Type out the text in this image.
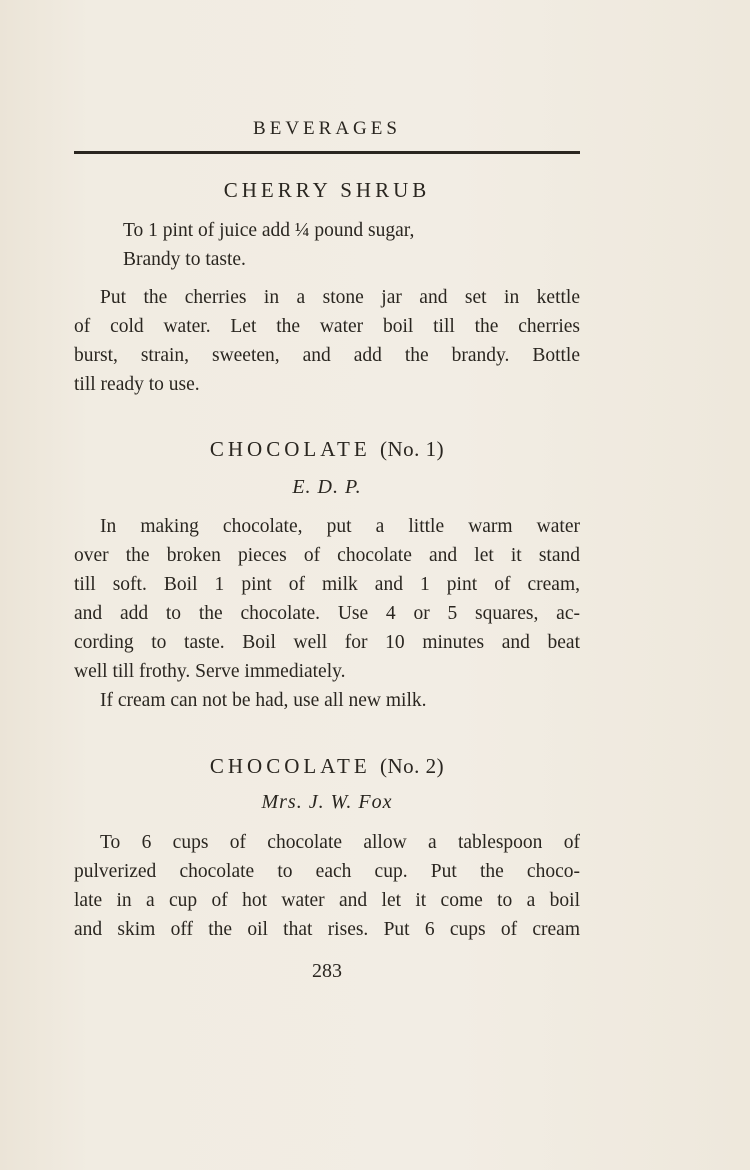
BEVERAGES
CHERRY SHRUB
To 1 pint of juice add ¼ pound sugar,
Brandy to taste.
Put the cherries in a stone jar and set in kettle
of cold water. Let the water boil till the cherries
burst, strain, sweeten, and add the brandy. Bottle
till ready to use.
CHOCOLATE (No. 1)
E. D. P.
In making chocolate, put a little warm water
over the broken pieces of chocolate and let it stand
till soft. Boil 1 pint of milk and 1 pint of cream,
and add to the chocolate. Use 4 or 5 squares, ac-
cording to taste. Boil well for 10 minutes and beat
well till frothy. Serve immediately.
If cream can not be had, use all new milk.
CHOCOLATE (No. 2)
Mrs. J. W. Fox
To 6 cups of chocolate allow a tablespoon of
pulverized chocolate to each cup. Put the choco-
late in a cup of hot water and let it come to a boil
and skim off the oil that rises. Put 6 cups of cream
283
